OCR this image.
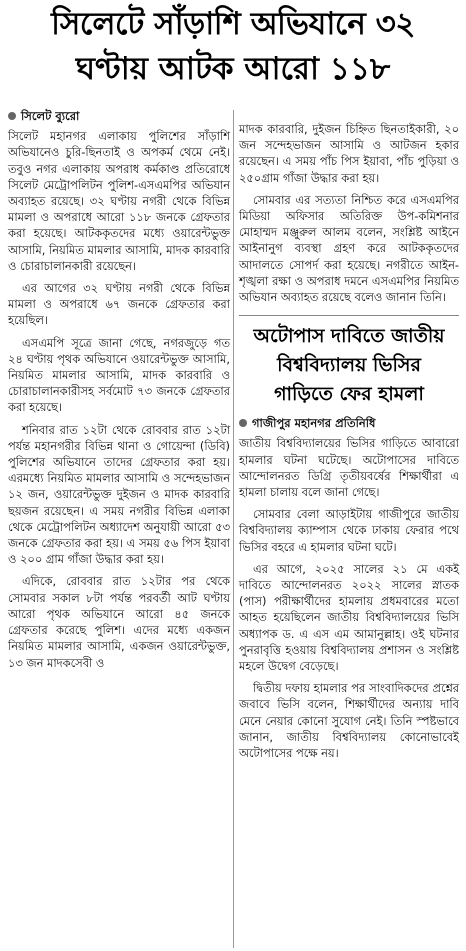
সিলেটে সাঁড়াশি অভিযানে ৩২
ঘণ্টায় আটক আরো ১১৮
সিলেট ব্যুরো

সিলেট মহানগর এলাকায় পুলিশের সাঁড়াশি অভিযানেও চুরি-ছিনতাই ও অপকর্ম থেমে নেই। তবুও নগর এলাকায় অপরাধ কর্মকাণ্ড প্রতিরোধে সিলেট মেট্রোপলিটন পুলিশ-এসএমপির অভিযান অব্যাহত রয়েছে। ৩২ ঘণ্টায় নগরী থেকে বিভিন্ন মামলা ও অপরাধে আরো ১১৮ জনকে গ্রেফতার করা হয়েছে। আটককৃতদের মধ্যে ওয়ারেন্টভুক্ত আসামি, নিয়মিত মামলার আসামি, মাদক কারবারি ও চোরাচালানকারী রয়েছেন।

এর আগের ৩২ ঘণ্টায় নগরী থেকে বিভিন্ন মামলা ও অপরাধে ৬৭ জনকে গ্রেফতার করা হয়েছিল।

এসএমপি সূত্রে জানা গেছে, নগরজুড়ে গত ২৪ ঘণ্টায় পৃথক অভিযানে ওয়ারেন্টভুক্ত আসামি, নিয়মিত মামলার আসামি, মাদক কারবারি ও চোরাচালানকারীসহ সর্বমোট ৭৩ জনকে গ্রেফতার করা হয়েছে।

শনিবার রাত ১২টা থেকে রোববার রাত ১২টা পর্যন্ত মহানগরীর বিভিন্ন থানা ও গোয়েন্দা (ডিবি) পুলিশের অভিযানে তাদের গ্রেফতার করা হয়। এরমধ্যে নিয়মিত মামলার আসামি ও সন্দেহভাজন ১২ জন, ওয়ারেন্টভুক্ত দুইজন ও মাদক কারবারি ছয়জন রয়েছেন। এ সময় নগরীর বিভিন্ন এলাকা থেকে মেট্রোপলিটন অধ্যাদেশ অনুযায়ী আরো ৫৩ জনকে গ্রেফতার করা হয়। এ সময় ৫৬ পিস ইয়াবা ও ২০০ গ্রাম গাঁজা উদ্ধার করা হয়।

এদিকে, রোববার রাত ১২টার পর থেকে সোমবার সকাল ৮টা পর্যন্ত পরবর্তী আট ঘণ্টায় আরো পৃথক অভিযানে আরো ৪৫ জনকে গ্রেফতার করেছে পুলিশ। এদের মধ্যে একজন নিয়মিত মামলার আসামি, একজন ওয়ারেন্টভুক্ত, ১৩ জন মাদকসেবী ও

মাদক কারবারি, দুইজন চিহ্নিত ছিনতাইকারী, ২০ জন সন্দেহভাজন আসামি ও আটজন হকার রয়েছেন। এ সময় পাঁচ পিস ইয়াবা, পাঁচ পুড়িয়া ও ২৫০গ্রাম গাঁজা উদ্ধার করা হয়।

সোমবার এর সত্যতা নিশ্চিত করে এসএমপির মিডিয়া অফিসার অতিরিক্ত উপ-কমিশনার মোহাম্মদ মঞ্জুরুল আলম বলেন, সংশ্লিষ্ট আইনে আইনানুগ ব্যবস্থা গ্রহণ করে আটককৃতদের আদালতে সোপর্দ করা হয়েছে। নগরীতে আইন-শৃঙ্খলা রক্ষা ও অপরাধ দমনে এসএমপির নিয়মিত অভিযান অব্যাহত রয়েছে বলেও জানান তিনি।

অটোপাস দাবিতে জাতীয়
বিশ্ববিদ্যালয় ভিসির
গাড়িতে ফের হামলা
গাজীপুর মহানগর প্রতিনিধি

জাতীয় বিশ্ববিদ্যালয়ের ভিসির গাড়িতে আবারো হামলার ঘটনা ঘটেছে। অটোপাসের দাবিতে আন্দোলনরত ডিগ্রি তৃতীয়বর্ষের শিক্ষার্থীরা এ হামলা চালায় বলে জানা গেছে।

সোমবার বেলা আড়াইটায় গাজীপুরে জাতীয় বিশ্ববিদ্যালয় ক্যাম্পাস থেকে ঢাকায় ফেরার পথে ভিসির বহরে এ হামলার ঘটনা ঘটে।

এর আগে, ২০২৫ সালের ২১ মে একই দাবিতে আন্দোলনরত ২০২২ সালের স্নাতক (পাস) পরীক্ষার্থীদের হামলায় প্রধমবারের মতো আহত হয়েছিলেন জাতীয় বিশ্ববিদ্যালয়ের ভিসি অধ্যাপক ড. এ এস এম আমানুল্লাহ। ওই ঘটনার পুনরাবৃত্তি হওয়ায় বিশ্ববিদ্যালয় প্রশাসন ও সংশ্লিষ্ট মহলে উদ্বেগ বেড়েছে।

দ্বিতীয় দফায় হামলার পর সাংবাদিকদের প্রশ্নের জবাবে ভিসি বলেন, শিক্ষার্থীদের অন্যায় দাবি মেনে নেয়ার কোনো সুযোগ নেই। তিনি স্পষ্টভাবে জানান, জাতীয় বিশ্ববিদ্যালয় কোনোভাবেই অটোপাসের পক্ষে নয়।
